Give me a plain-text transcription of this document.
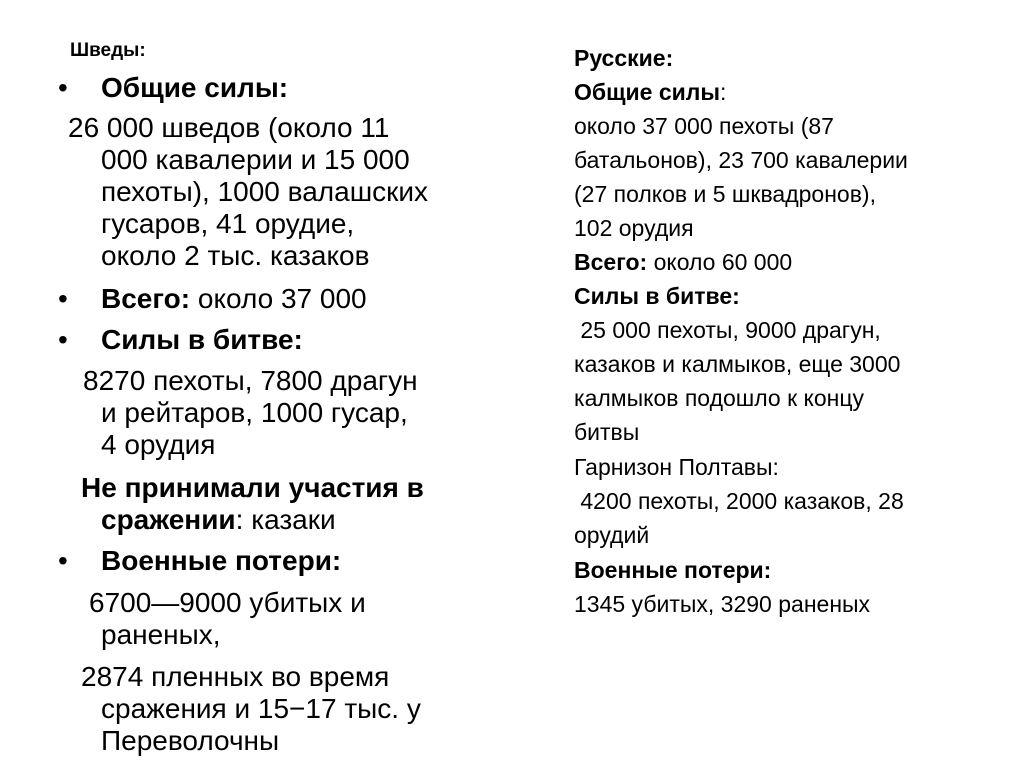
Шведы:
• Общие силы:
26 000 шведов (около 11
000 кавалерии и 15 000
пехоты), 1000 валашских
гусаров, 41 орудие,
около 2 тыс. казаков
• Всего: около 37 000
• Силы в битве:
8270 пехоты, 7800 драгун
и рейтаров, 1000 гусар,
4 орудия
Не принимали участия в
сражении: казаки
• Военные потери:
6700—9000 убитых и
раненых,
2874 пленных во время
сражения и 15−17 тыс. у
Переволочны
Русские:
Общие силы:
около 37 000 пехоты (87
батальонов), 23 700 кавалерии
(27 полков и 5 шквадронов),
102 орудия
Всего: около 60 000
Силы в битве:
25 000 пехоты, 9000 драгун,
казаков и калмыков, еще 3000
калмыков подошло к концу
битвы
Гарнизон Полтавы:
4200 пехоты, 2000 казаков, 28
орудий
Военные потери:
1345 убитых, 3290 раненых
